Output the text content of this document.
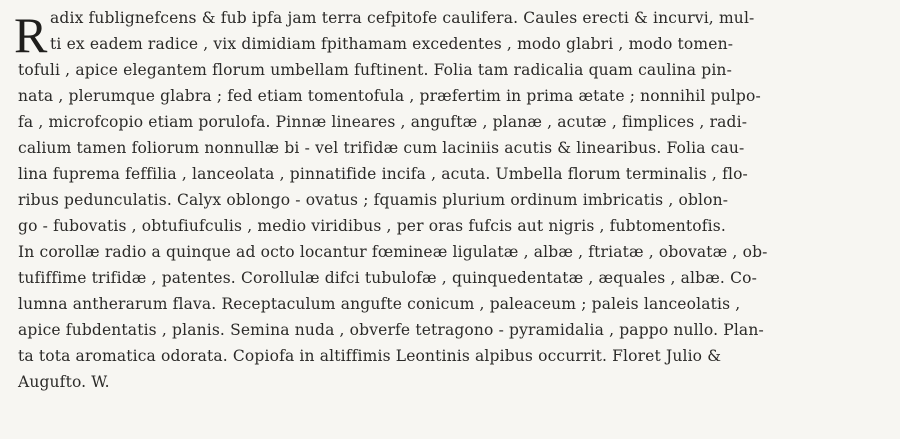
R adix fublignefcens & fub ipfa jam terra cefpitofe caulifera. Caules erecti & incurvi, mul-
ti ex eadem radice , vix dimidiam fpithamam excedentes , modo glabri , modo tomen-
tofuli , apice elegantem florum umbellam fuftinent. Folia tam radicalia quam caulina pin-
nata , plerumque glabra ; fed etiam tomentofula , præfertim in prima ætate ; nonnihil pulpo-
fa , microfcopio etiam porulofa. Pinnæ lineares , anguftæ , planæ , acutæ , fimplices , radi-
calium tamen foliorum nonnullæ bi - vel trifidæ cum laciniis acutis & linearibus. Folia cau-
lina fuprema feffilia , lanceolata , pinnatifide incifa , acuta. Umbella florum terminalis , flo-
ribus pedunculatis. Calyx oblongo - ovatus ; fquamis plurium ordinum imbricatis , oblon-
go - fubovatis , obtufiufculis , medio viridibus , per oras fufcis aut nigris , fubtomentofis.
In corollæ radio a quinque ad octo locantur fœmineæ ligulatæ , albæ , ftriatæ , obovatæ , ob-
tufiffime trifidæ , patentes. Corollulæ difci tubulofæ , quinquedentatæ , æquales , albæ. Co-
lumna antherarum flava. Receptaculum angufte conicum , paleaceum ; paleis lanceolatis ,
apice fubdentatis , planis. Semina nuda , obverfe tetragono - pyramidalia , pappo nullo. Plan-
ta tota aromatica odorata. Copiofa in altiffimis Leontinis alpibus occurrit. Floret Julio &
Augufto. W.
